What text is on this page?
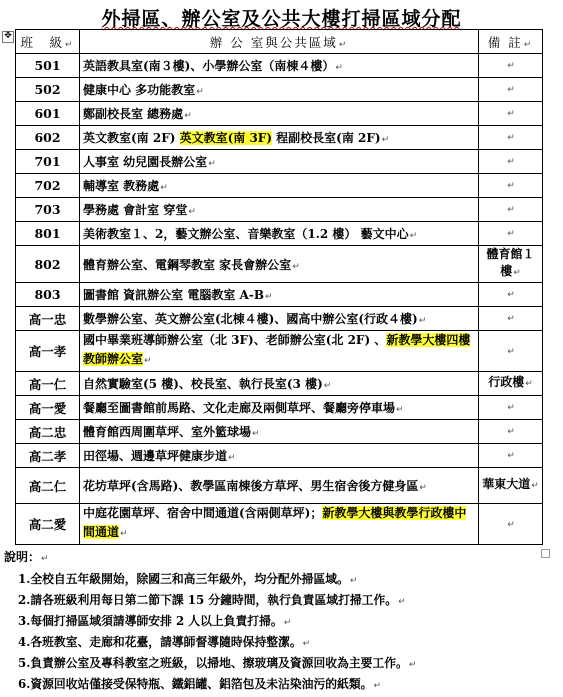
外掃區、辦公室及公共大樓打掃區域分配
✥ 班　級↵	辦 公 室與公共區域↵	備 註↵
501	英語教具室(南３樓)、小學辦公室（南棟４樓）↵	↵
502	健康中心 多功能教室↵	↵
601	鄭副校長室 總務處↵	↵
602	英文教室(南 2F) 英文教室(南 3F) 程副校長室(南 2F)↵	↵
701	人事室 幼兒園長辦公室↵	↵
702	輔導室 教務處↵	↵
703	學務處 會計室 穿堂↵	↵
801	美術教室１、2，藝文辦公室、音樂教室（1.2 樓） 藝文中心↵	↵
802	體育辦公室、電鋼琴教室 家長會辦公室↵	體育館１樓↵
803	圖書館 資訊辦公室 電腦教室 A-B↵	↵
高一忠	數學辦公室、英文辦公室(北棟４樓)、國高中辦公室(行政４樓)↵	↵
高一孝	國中畢業班導師辦公室（北 3F)、老師辦公室(北 2F) 、新教學大樓四樓教師辦公室↵	↵
高一仁	自然實驗室(5 樓)、校長室、執行長室(3 樓)↵	行政樓↵
高一愛	餐廳至圖書館前馬路、文化走廊及兩側草坪、餐廳旁停車場↵	↵
高二忠	體育館西周圍草坪、室外籃球場↵	↵
高二孝	田徑場、週邊草坪健康步道↵	↵
高二仁	花坊草坪(含馬路)、教學區南棟後方草坪、男生宿舍後方健身區↵	華東大道↵
高二愛	中庭花園草坪、宿舍中間通道(含兩側草坪)；新教學大樓與教學行政樓中間通道↵	↵
說明：↵
1.全校自五年級開始，除國三和高三年級外，均分配外掃區域。↵
2.請各班級利用每日第二節下課 15 分鐘時間，執行負責區域打掃工作。↵
3.每個打掃區域須請導師安排 2 人以上負責打掃。↵
4.各班教室、走廊和花臺，請導師督導隨時保持整潔。↵
5.負責辦公室及專科教室之班級，以掃地、擦玻璃及資源回收為主要工作。↵
6.資源回收站僅接受保特瓶、鐵鋁罐、鋁箔包及未沾染油污的紙類。↵
